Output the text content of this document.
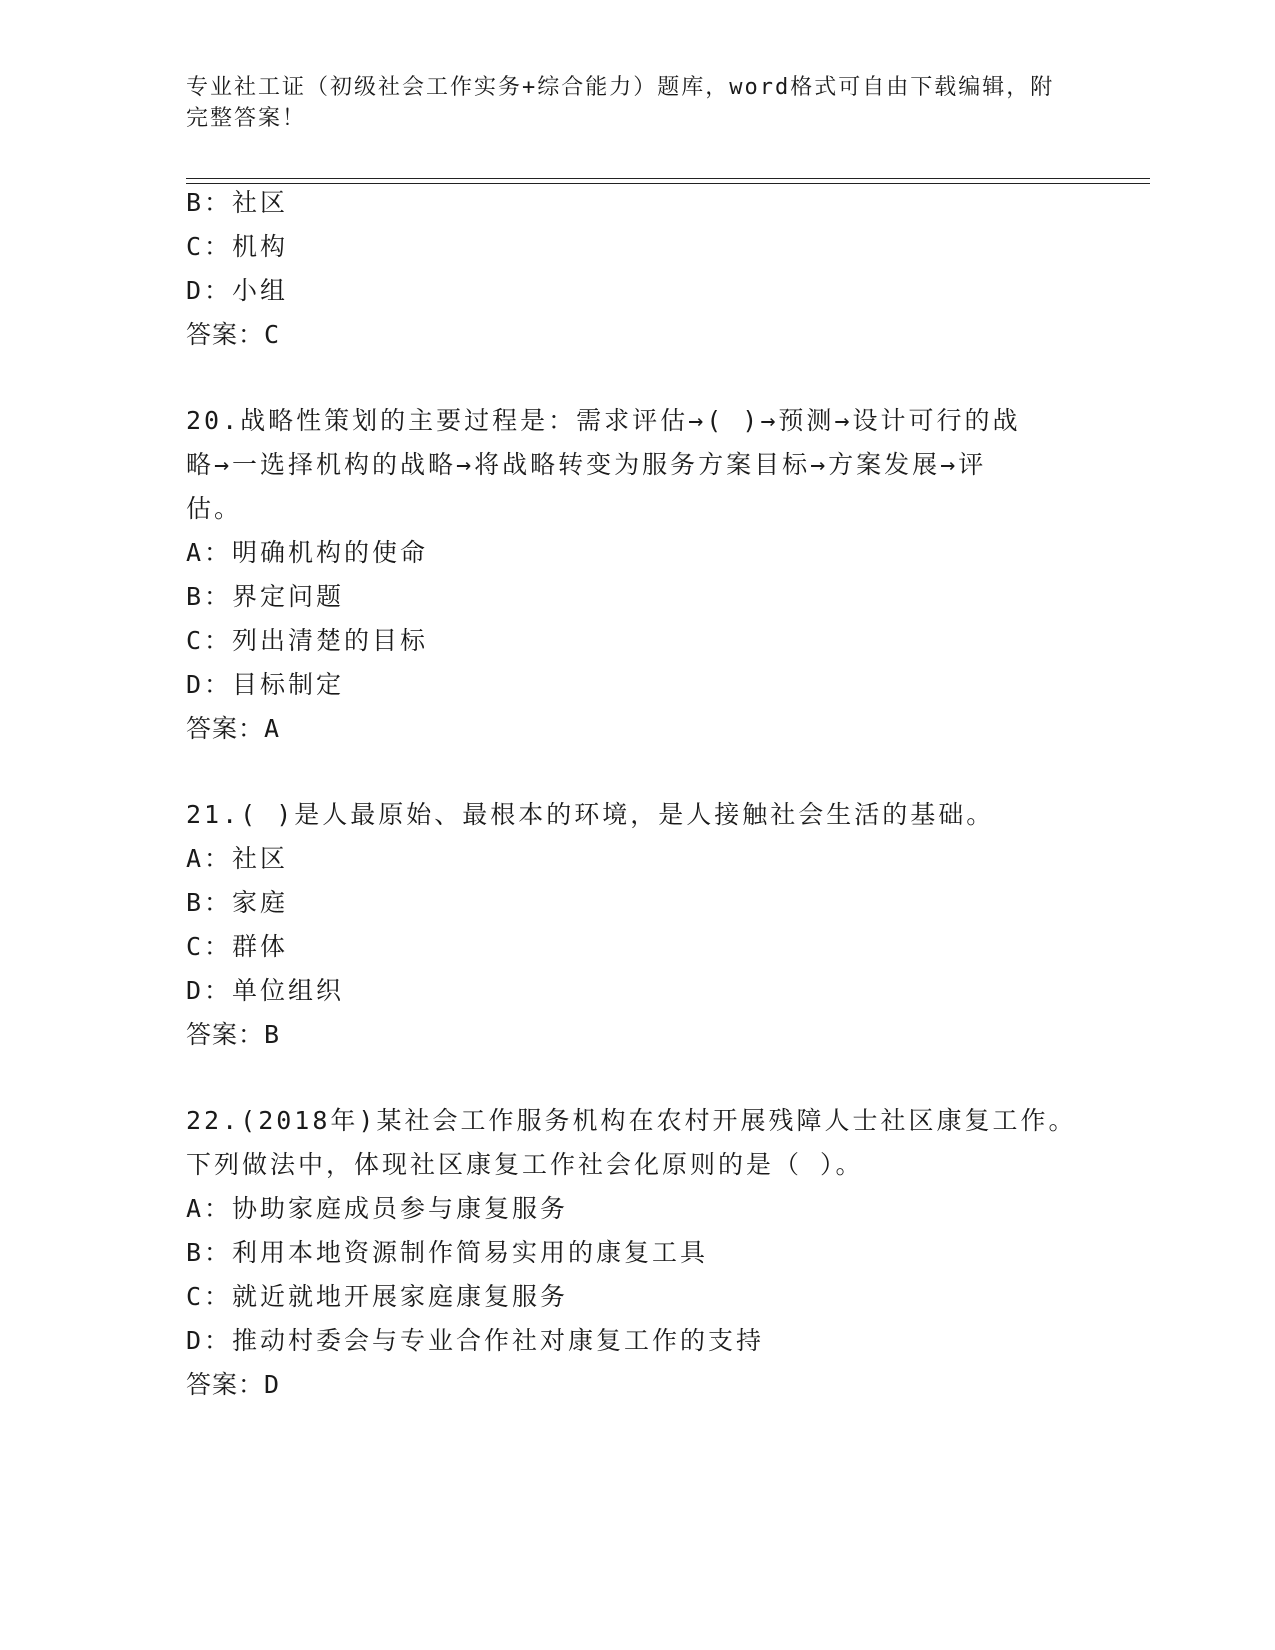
专业社工证（初级社会工作实务+综合能力）题库，word格式可自由下载编辑，附
完整答案！
B：社区
C：机构
D：小组
答案：C
20.战略性策划的主要过程是：需求评估→( )→预测→设计可行的战
略→一选择机构的战略→将战略转变为服务方案目标→方案发展→评
估。
A：明确机构的使命
B：界定问题
C：列出清楚的目标
D：目标制定
答案：A
21.( )是人最原始、最根本的环境，是人接触社会生活的基础。
A：社区
B：家庭
C：群体
D：单位组织
答案：B
22.(2018年)某社会工作服务机构在农村开展残障人士社区康复工作。
下列做法中，体现社区康复工作社会化原则的是（ ）。
A：协助家庭成员参与康复服务
B：利用本地资源制作简易实用的康复工具
C：就近就地开展家庭康复服务
D：推动村委会与专业合作社对康复工作的支持
答案：D
